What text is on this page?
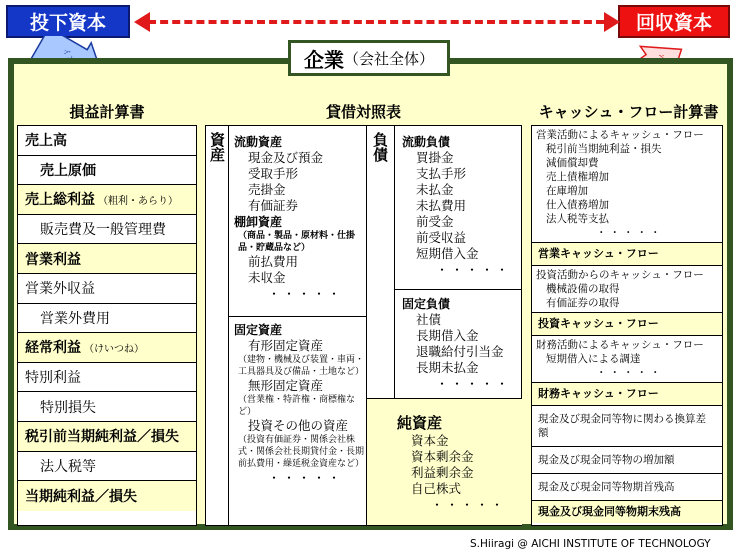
投下資本	回収資本
企業 （会社全体）
損益計算書	貸借対照表	キャッシュ・フロー計算書
売上高
売上原価
売上総利益 （粗利・あらり）
販売費及一般管理費
営業利益
営業外収益
営業外費用
経常利益 （けいつね）
特別利益
特別損失
税引前当期純利益／損失
法人税等
当期純利益／損失
資産	負債
流動資産
現金及び預金
受取手形
売掛金
有価証券
棚卸資産
（商品・製品・原材料・仕掛品・貯蔵品など）
前払費用
未収金
・・・・・
固定資産
有形固定資産
（建物・機械及び装置・車両・工具器具及び備品・土地など）
無形固定資産
（営業権・特許権・商標権など）
投資その他の資産
（投資有価証券・関係会社株式・関係会社長期貸付金・長期前払費用・繰延税金資産など）
・・・・・
流動負債
買掛金
支払手形
未払金
未払費用
前受金
前受収益
短期借入金
・・・・・
固定負債
社債
長期借入金
退職給付引当金
長期未払金
・・・・・
純資産
資本金
資本剰余金
利益剰余金
自己株式
・・・・・
営業活動によるキャッシュ・フロー
税引前当期純利益・損失
減価償却費
売上債権増加
在庫増加
仕入債務増加
法人税等支払
・・・・・
営業キャッシュ・フロー
投資活動からのキャッシュ・フロー
機械設備の取得
有価証券の取得
投資キャッシュ・フロー
財務活動によるキャッシュ・フロー
短期借入による調達
・・・・・
財務キャッシュ・フロー
現金及び現金同等物に関わる換算差額
現金及び現金同等物の増加額
現金及び現金同等物期首残高
現金及び現金同等物期末残高
S.Hiiragi @ AICHI INSTITUTE OF TECHNOLOGY
